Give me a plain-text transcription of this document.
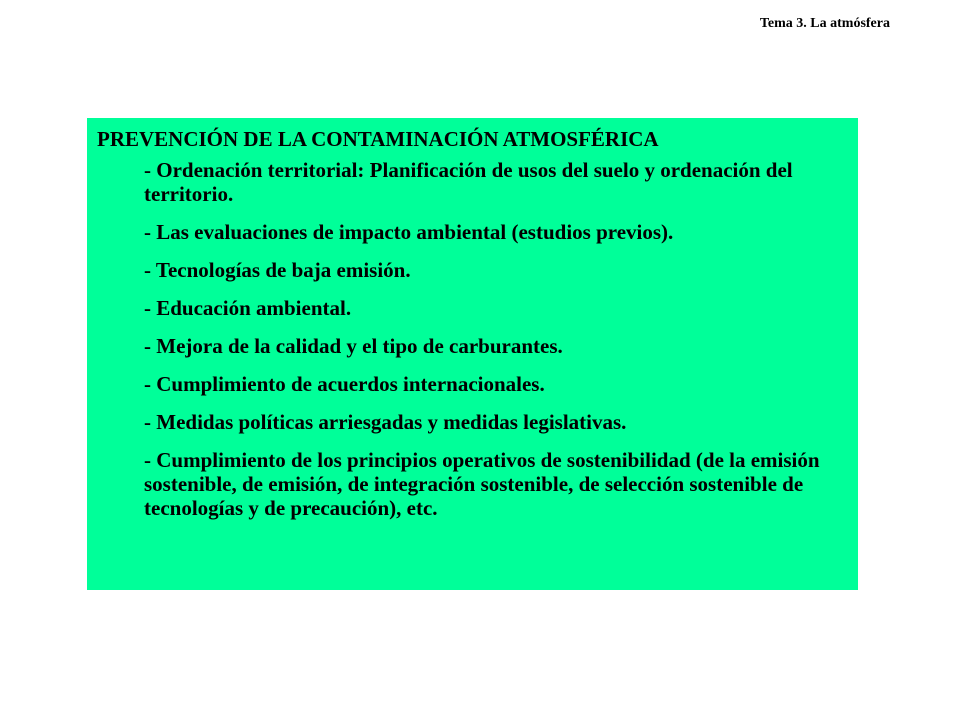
Tema 3. La atmósfera
PREVENCIÓN DE LA CONTAMINACIÓN ATMOSFÉRICA
- Ordenación territorial: Planificación de usos del suelo y ordenación del territorio.
- Las evaluaciones de impacto ambiental (estudios previos).
- Tecnologías de baja emisión.
- Educación ambiental.
- Mejora de la calidad y el tipo de carburantes.
- Cumplimiento de acuerdos internacionales.
- Medidas políticas arriesgadas y medidas legislativas.
- Cumplimiento de los principios operativos de sostenibilidad (de la emisión sostenible, de emisión, de integración sostenible, de selección sostenible de tecnologías y de precaución), etc.
